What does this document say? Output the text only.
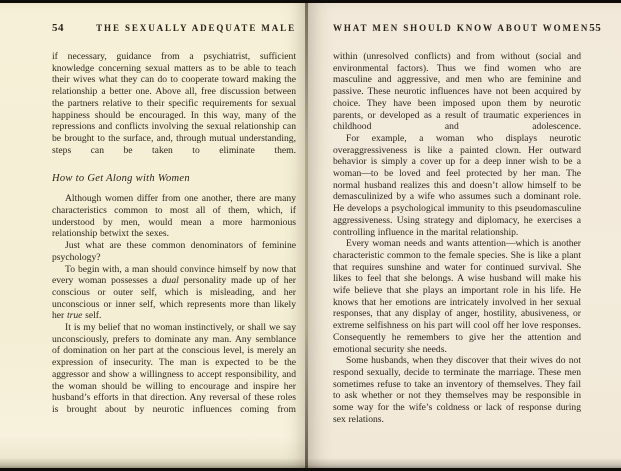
54	THE SEXUALLY ADEQUATE MALE

if necessary, guidance from a psychiatrist, sufficient knowledge concerning sexual matters as to be able to teach their wives what they can do to cooperate toward making the relationship a better one. Above all, free discussion between the partners relative to their specific requirements for sexual happiness should be encouraged. In this way, many of the repressions and conflicts involving the sexual relationship can be brought to the surface, and, through mutual understanding, steps can be taken to eliminate them.

How to Get Along with Women

Although women differ from one another, there are many characteristics common to most all of them, which, if understood by men, would mean a more harmonious relationship betwixt the sexes.

Just what are these common denominators of feminine psychology?

To begin with, a man should convince himself by now that every woman possesses a dual personality made up of her conscious or outer self, which is misleading, and her unconscious or inner self, which represents more than likely her true self.

It is my belief that no woman instinctively, or shall we say unconsciously, prefers to dominate any man. Any semblance of domination on her part at the conscious level, is merely an expression of insecurity. The man is expected to be the aggressor and show a willingness to accept responsibility, and the woman should be willing to encourage and inspire her husband’s efforts in that direction. Any reversal of these roles is brought about by neurotic influences coming from

WHAT MEN SHOULD KNOW ABOUT WOMEN 55

within (unresolved conflicts) and from without (social and environmental factors). Thus we find women who are masculine and aggressive, and men who are feminine and passive. These neurotic influences have not been acquired by choice. They have been imposed upon them by neurotic parents, or developed as a result of traumatic experiences in childhood and adolescence.

For example, a woman who displays neurotic overaggressiveness is like a painted clown. Her outward behavior is simply a cover up for a deep inner wish to be a woman—to be loved and feel protected by her man. The normal husband realizes this and doesn’t allow himself to be demasculinized by a wife who assumes such a dominant role. He develops a psychological immunity to this pseudomasculine aggressiveness. Using strategy and diplomacy, he exercises a controlling influence in the marital relationship.

Every woman needs and wants attention—which is another characteristic common to the female species. She is like a plant that requires sunshine and water for continued survival. She likes to feel that she belongs. A wise husband will make his wife believe that she plays an important role in his life. He knows that her emotions are intricately involved in her sexual responses, that any display of anger, hostility, abusiveness, or extreme selfishness on his part will cool off her love responses. Consequently he remembers to give her the attention and emotional security she needs.

Some husbands, when they discover that their wives do not respond sexually, decide to terminate the marriage. These men sometimes refuse to take an inventory of themselves. They fail to ask whether or not they themselves may be responsible in some way for the wife’s coldness or lack of response during sex relations.
